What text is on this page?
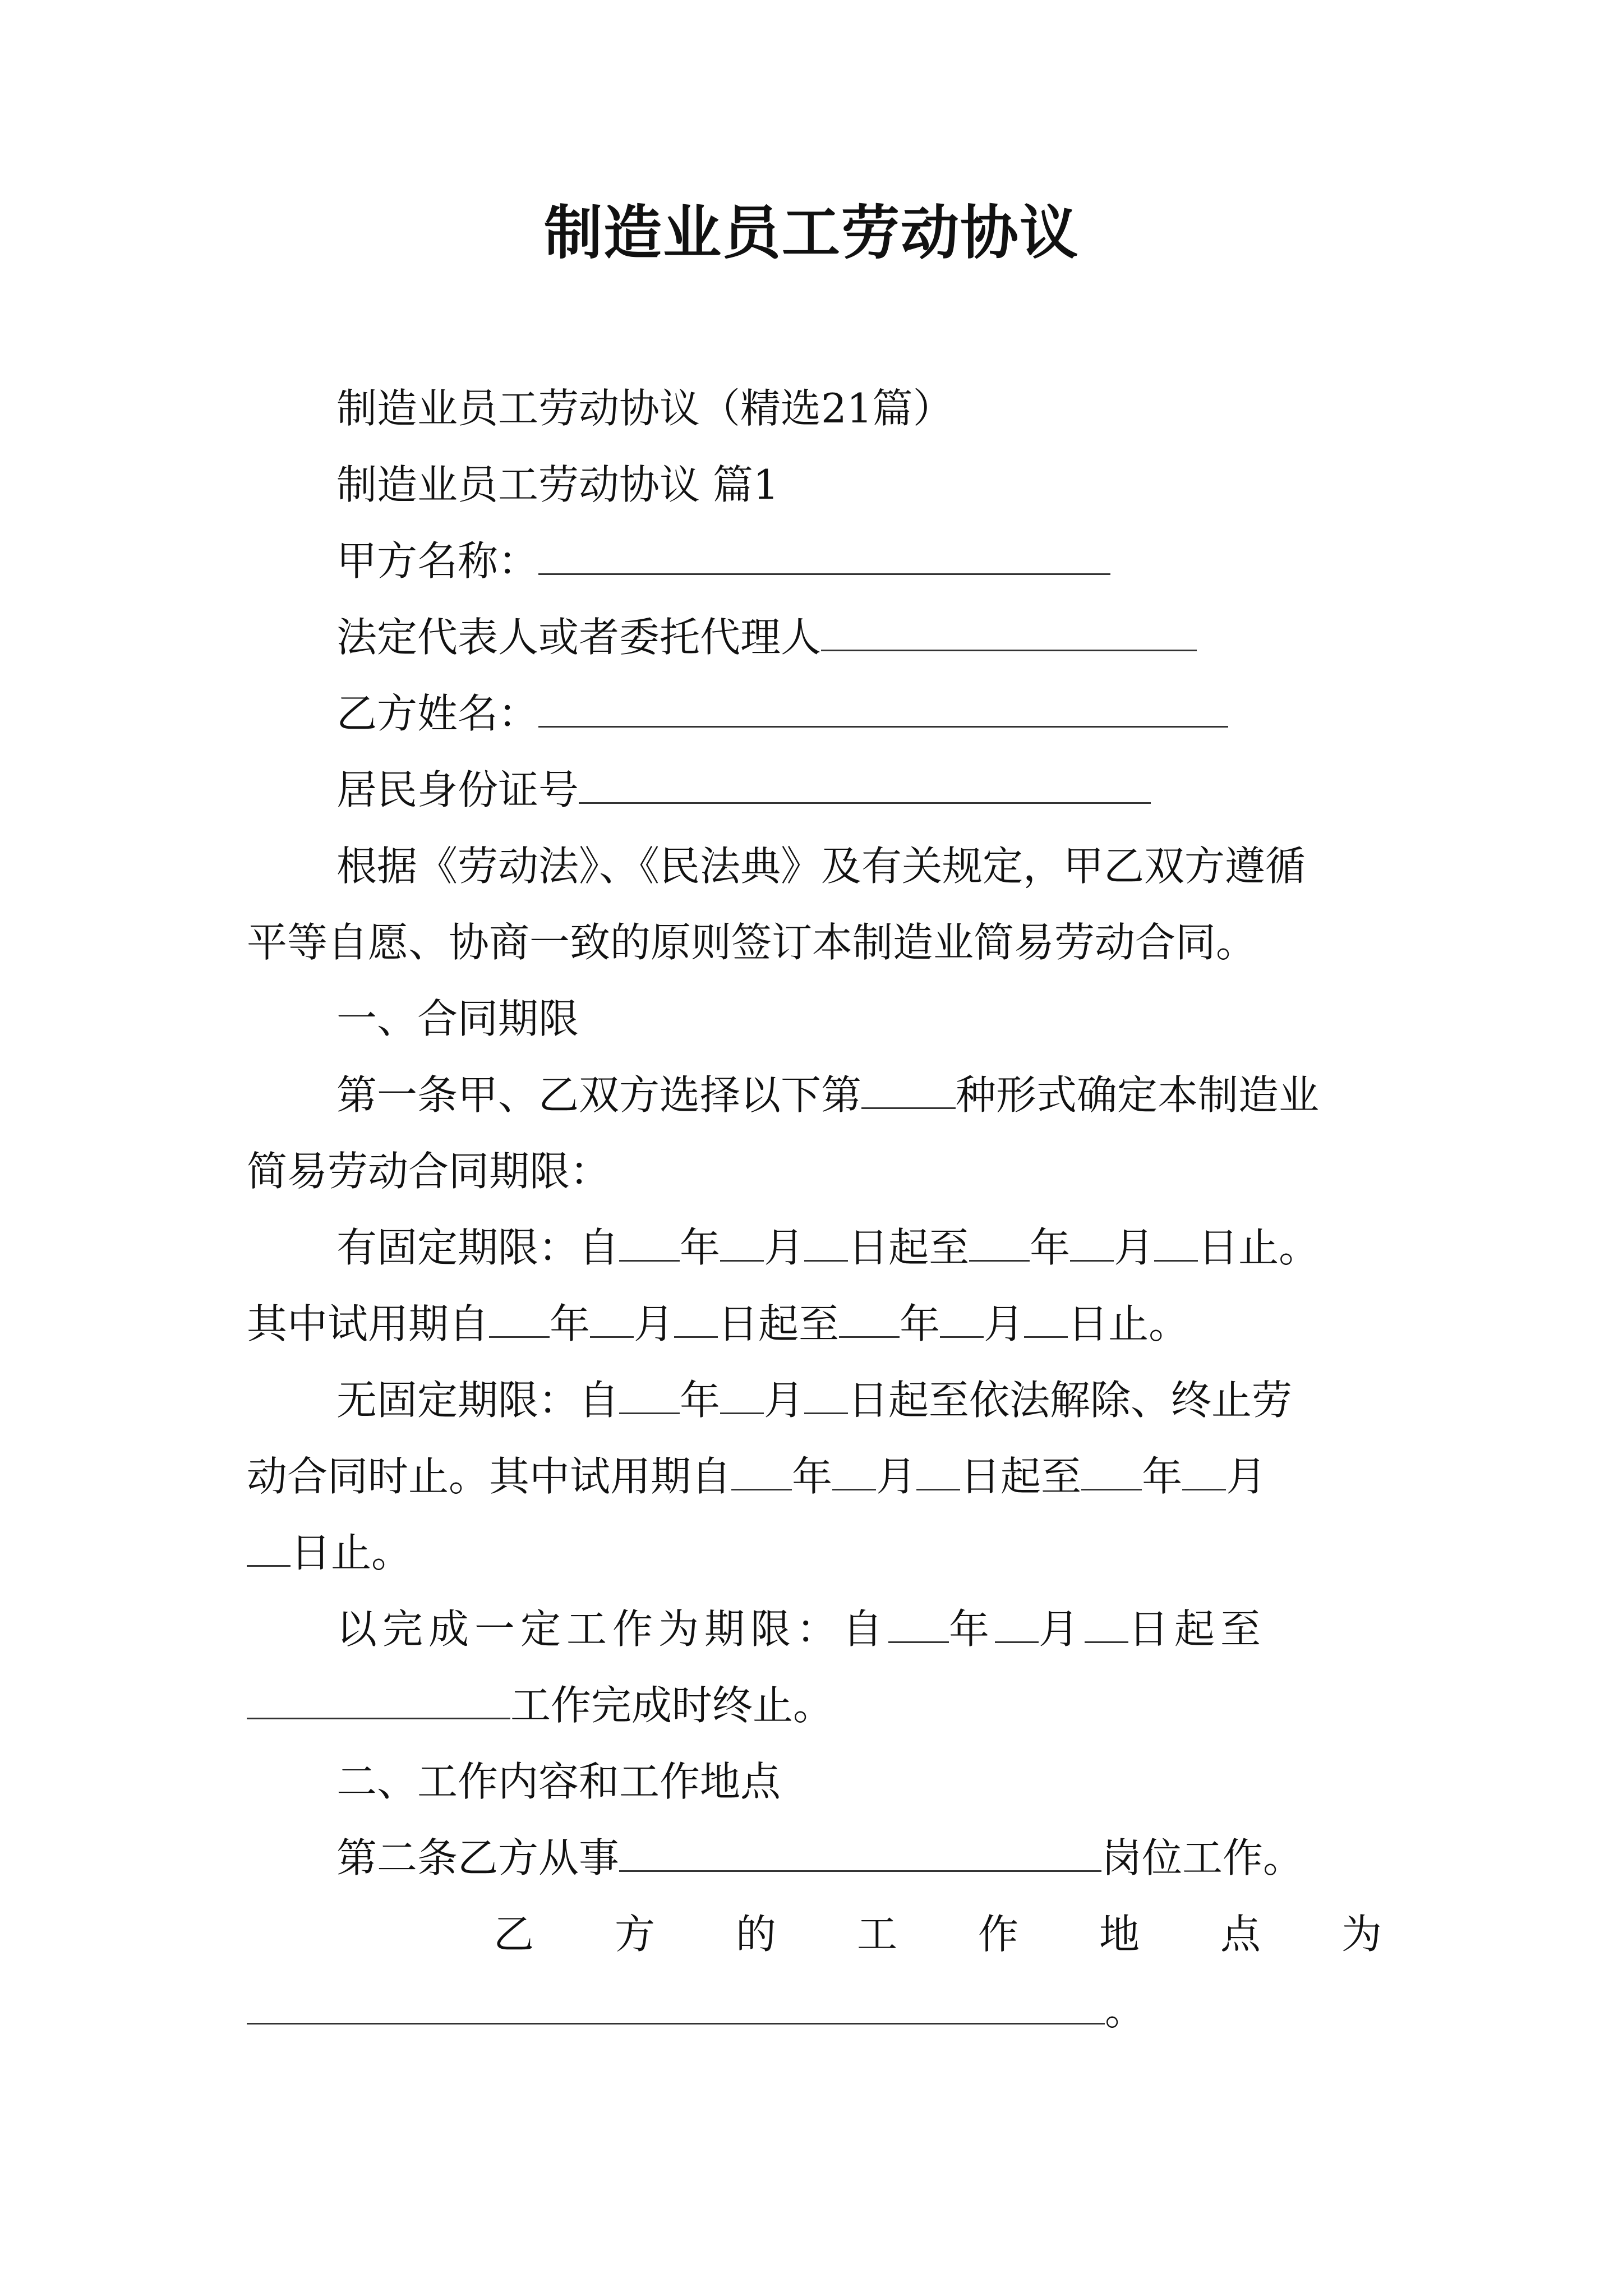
制造业员工劳动协议

制造业员工劳动协议（精选21篇）

制造业员工劳动协议 篇1

甲方名称：

法定代表人或者委托代理人

乙方姓名：

居民身份证号

根据《劳动法》、《民法典》及有关规定，甲乙双方遵循

平等自愿、协商一致的原则签订本制造业简易劳动合同。

一、合同期限

第一条甲、乙双方选择以下第 种形式确定本制造业

简易劳动合同期限：

有固定期限：自 年 月 日起至 年 月 日止。

其中试用期自 年 月 日起至 年 月 日止。

无固定期限：自 年 月 日起至依法解除、终止劳

动合同时止。其中试用期自 年 月 日起至 年 月

日止。

以完成一定工作为期限：自 年 月 日起至

工作完成时终止。

二、工作内容和工作地点

第二条乙方从事	岗位工作。

乙方的工作地点为

。
